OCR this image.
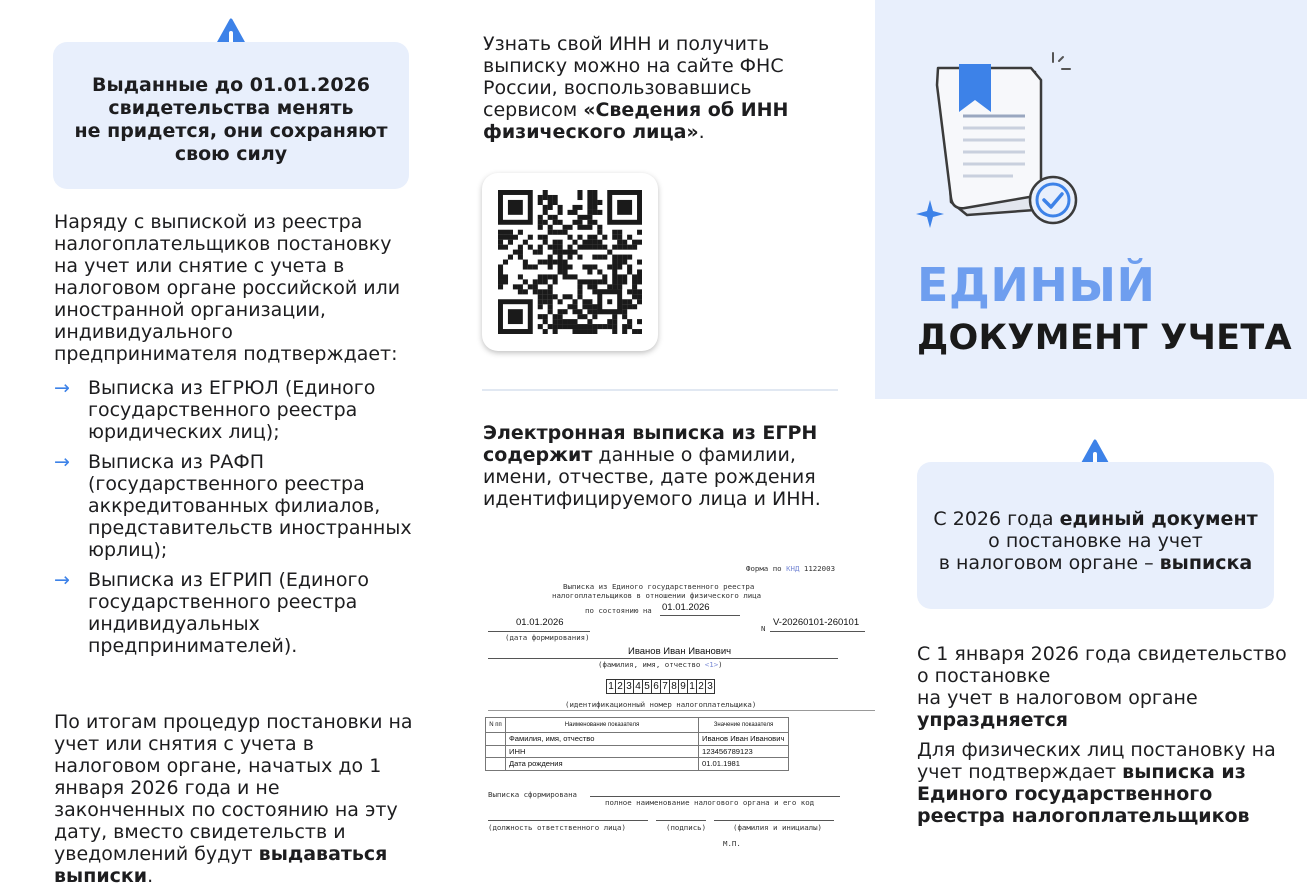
Выданные до 01.01.2026
свидетельства менять
не придется, они сохраняют
свою силу

Наряду с выпиской из реестра налогоплательщиков постановку на учет или снятие с учета в налоговом органе российской или иностранной организации, индивидуального предпринимателя подтверждает:

→ Выписка из ЕГРЮЛ (Единого государственного реестра юридических лиц);
→ Выписка из РАФП (государственного реестра аккредитованных филиалов, представительств иностранных юрлиц);
→ Выписка из ЕГРИП (Единого государственного реестра индивидуальных предпринимателей).

По итогам процедур постановки на учет или снятия с учета в налоговом органе, начатых до 1 января 2026 года и не законченных по состоянию на эту дату, вместо свидетельств и уведомлений будут выдаваться выписки.

Узнать свой ИНН и получить выписку можно на сайте ФНС России, воспользовавшись сервисом «Сведения об ИНН физического лица».

Электронная выписка из ЕГРН содержит данные о фамилии, имени, отчестве, дате рождения идентифицируемого лица и ИНН.

Форма по КНД 1122003
Выписка из Единого государственного реестра
налогоплательщиков в отношении физического лица
по состоянию на 01.01.2026
01.01.2026
(дата формирования)
N
V-20260101-260101
Иванов Иван Иванович
(фамилия, имя, отчество <1>)
1 2 3 4 5 6 7 8 9 1 2 3
(идентификационный номер налогоплательщика)
N пп	Наименование показателя	Значение показателя
	Фамилия, имя, отчество	Иванов Иван Иванович
	ИНН	123456789123
	Дата рождения	01.01.1981
Выписка сформирована
полное наименование налогового органа и его код
(должность ответственного лица)	(подпись)	(фамилия и инициалы)
М.П.
ЕДИНЫЙ
ДОКУМЕНТ УЧЕТА
С 2026 года единый документ
о постановке на учет
в налоговом органе – выписка
С 1 января 2026 года свидетельство о постановке
на учет в налоговом органе
упраздняется

Для физических лиц постановку на учет подтверждает выписка из Единого государственного реестра налогоплательщиков
